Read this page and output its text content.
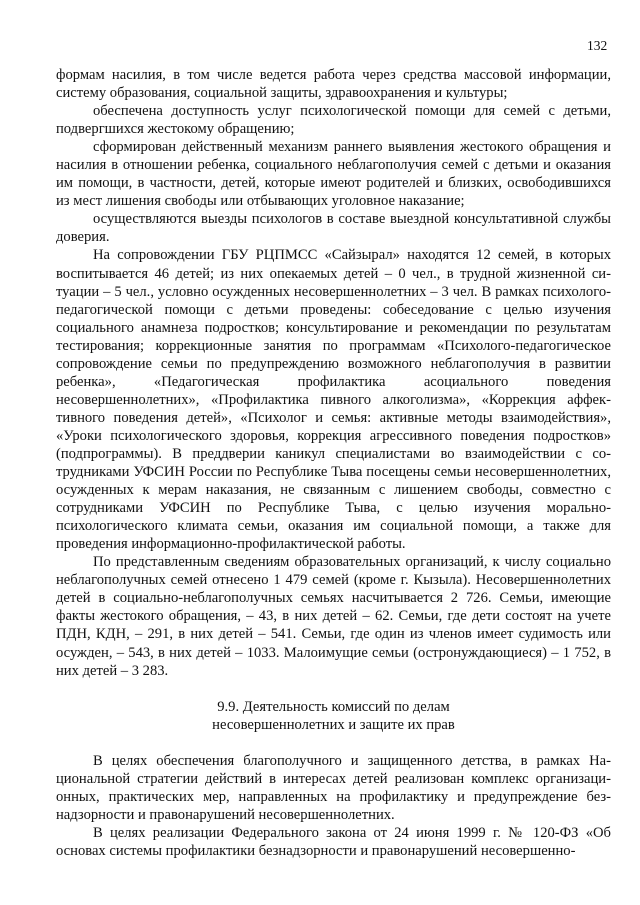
132

формам насилия, в том числе ведется работа через средства массовой информации, систему образования, социальной защиты, здравоохранения и культуры;

обеспечена доступность услуг психологической помощи для семей с детьми, подвергшихся жестокому обращению;

сформирован действенный механизм раннего выявления жестокого обращения и насилия в отношении ребенка, социального неблагополучия семей с детьми и оказания им помощи, в частности, детей, которые имеют родителей и близких, освободившихся из мест лишения свободы или отбывающих уголовное наказание;

осуществляются выезды психологов в составе выездной консультативной службы доверия.

На сопровождении ГБУ РЦПМСС «Сайзырал» находятся 12 семей, в которых воспитывается 46 детей; из них опекаемых детей – 0 чел., в трудной жизненной ситуации – 5 чел., условно осужденных несовершеннолетних – 3 чел. В рамках психолого-педагогической помощи с детьми проведены: собеседование с целью изучения социального анамнеза подростков; консультирование и рекомендации по результатам тестирования; коррекционные занятия по программам «Психолого-педагогическое сопровождение семьи по предупреждению возможного неблагополучия в развитии ребенка», «Педагогическая профилактика асоциального поведения несовершеннолетних», «Профилактика пивного алкоголизма», «Коррекция аффективного поведения детей», «Психолог и семья: активные методы взаимодействия», «Уроки психологического здоровья, коррекция агрессивного поведения подростков» (подпрограммы). В преддверии каникул специалистами во взаимодействии с сотрудниками УФСИН России по Республике Тыва посещены семьи несовершеннолетних, осужденных к мерам наказания, не связанным с лишением свободы, совместно с сотрудниками УФСИН по Республике Тыва, с целью изучения морально-психологического климата семьи, оказания им социальной помощи, а также для проведения информационно-профилактической работы.

По представленным сведениям образовательных организаций, к числу социально неблагополучных семей отнесено 1 479 семей (кроме г. Кызыла). Несовершеннолетних детей в социально-неблагополучных семьях насчитывается 2 726. Семьи, имеющие факты жестокого обращения, – 43, в них детей – 62. Семьи, где дети состоят на учете ПДН, КДН, – 291, в них детей – 541. Семьи, где один из членов имеет судимость или осужден, – 543, в них детей – 1033. Малоимущие семьи (остронуждающиеся) – 1 752, в них детей – 3 283.

9.9. Деятельность комиссий по делам
несовершеннолетних и защите их прав

В целях обеспечения благополучного и защищенного детства, в рамках Национальной стратегии действий в интересах детей реализован комплекс организационных, практических мер, направленных на профилактику и предупреждение безнадзорности и правонарушений несовершеннолетних.

В целях реализации Федерального закона от 24 июня 1999 г. № 120-ФЗ «Об основах системы профилактики безнадзорности и правонарушений несовершенно-
